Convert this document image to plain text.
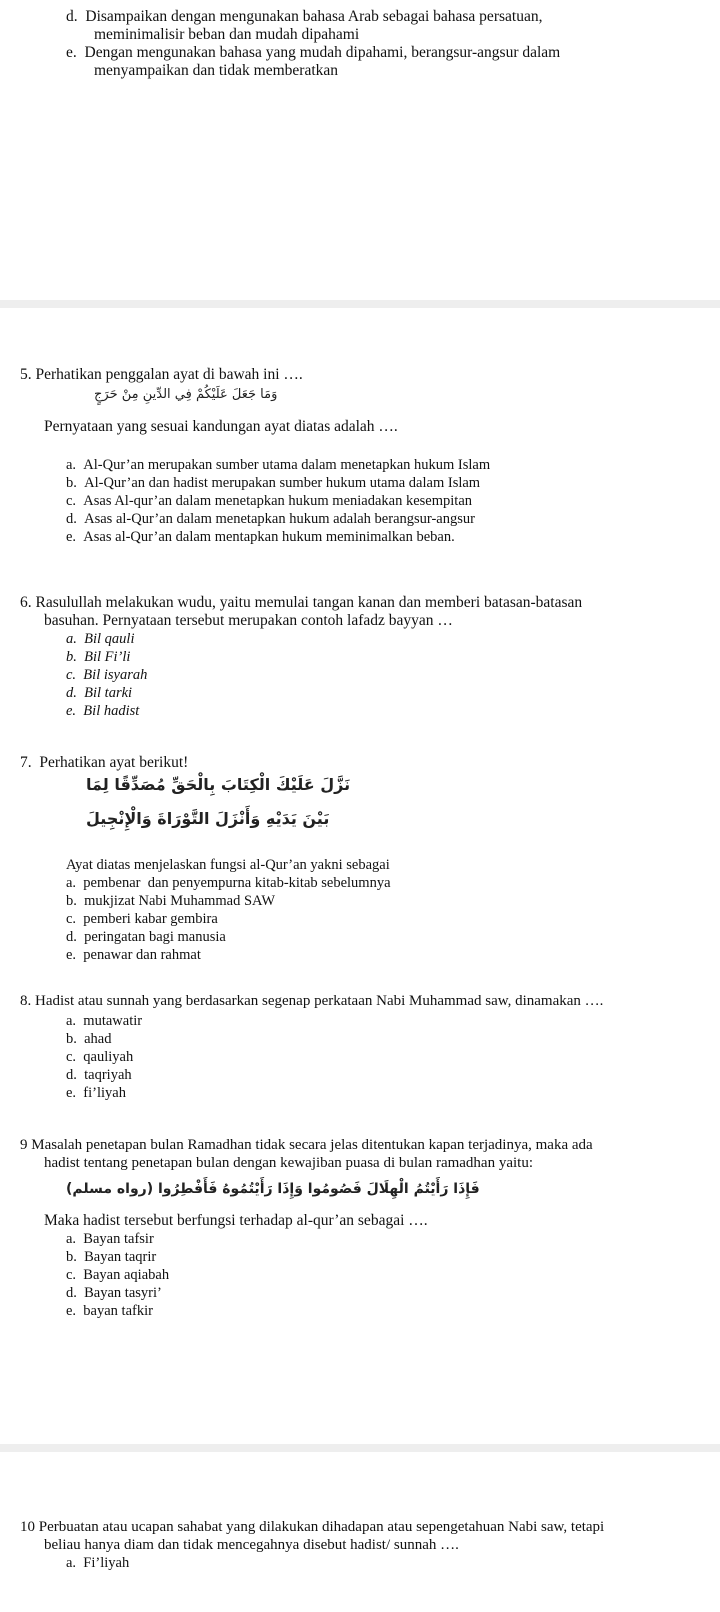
d.  Disampaikan dengan mengunakan bahasa Arab sebagai bahasa persatuan,
meminimalisir beban dan mudah dipahami
e.  Dengan mengunakan bahasa yang mudah dipahami, berangsur-angsur dalam
menyampaikan dan tidak memberatkan
5. Perhatikan penggalan ayat di bawah ini ….
وَمَا جَعَلَ عَلَيْكُمْ فِي الدِّينِ مِنْ حَرَجٍ
Pernyataan yang sesuai kandungan ayat diatas adalah ….
a.  Al-Qur’an merupakan sumber utama dalam menetapkan hukum Islam
b.  Al-Qur’an dan hadist merupakan sumber hukum utama dalam Islam
c.  Asas Al-qur’an dalam menetapkan hukum meniadakan kesempitan
d.  Asas al-Qur’an dalam menetapkan hukum adalah berangsur-angsur
e.  Asas al-Qur’an dalam mentapkan hukum meminimalkan beban.
6. Rasulullah melakukan wudu, yaitu memulai tangan kanan dan memberi batasan-batasan
basuhan. Pernyataan tersebut merupakan contoh lafadz bayyan …
a.  Bil qauli
b.  Bil Fi’li
c.  Bil isyarah
d.  Bil tarki
e.  Bil hadist
7.  Perhatikan ayat berikut!
نَزَّلَ عَلَيْكَ الْكِتَابَ بِالْحَقِّ مُصَدِّقًا لِمَا
بَيْنَ يَدَيْهِ وَأَنْزَلَ التَّوْرَاةَ وَالْإِنْجِيلَ
Ayat diatas menjelaskan fungsi al-Qur’an yakni sebagai
a.  pembenar  dan penyempurna kitab-kitab sebelumnya
b.  mukjizat Nabi Muhammad SAW
c.  pemberi kabar gembira
d.  peringatan bagi manusia
e.  penawar dan rahmat
8. Hadist atau sunnah yang berdasarkan segenap perkataan Nabi Muhammad saw, dinamakan ….
a.  mutawatir
b.  ahad
c.  qauliyah
d.  taqriyah
e.  fi’liyah
9 Masalah penetapan bulan Ramadhan tidak secara jelas ditentukan kapan terjadinya, maka ada
hadist tentang penetapan bulan dengan kewajiban puasa di bulan ramadhan yaitu:
فَإِذَا رَأَيْتُمُ الْهِلَالَ فَصُومُوا وَإِذَا رَأَيْتُمُوهُ فَأَفْطِرُوا (رواه مسلم)
Maka hadist tersebut berfungsi terhadap al-qur’an sebagai ….
a.  Bayan tafsir
b.  Bayan taqrir
c.  Bayan aqiabah
d.  Bayan tasyri’
e.  bayan tafkir
10 Perbuatan atau ucapan sahabat yang dilakukan dihadapan atau sepengetahuan Nabi saw, tetapi
beliau hanya diam dan tidak mencegahnya disebut hadist/ sunnah ….
a.  Fi’liyah
